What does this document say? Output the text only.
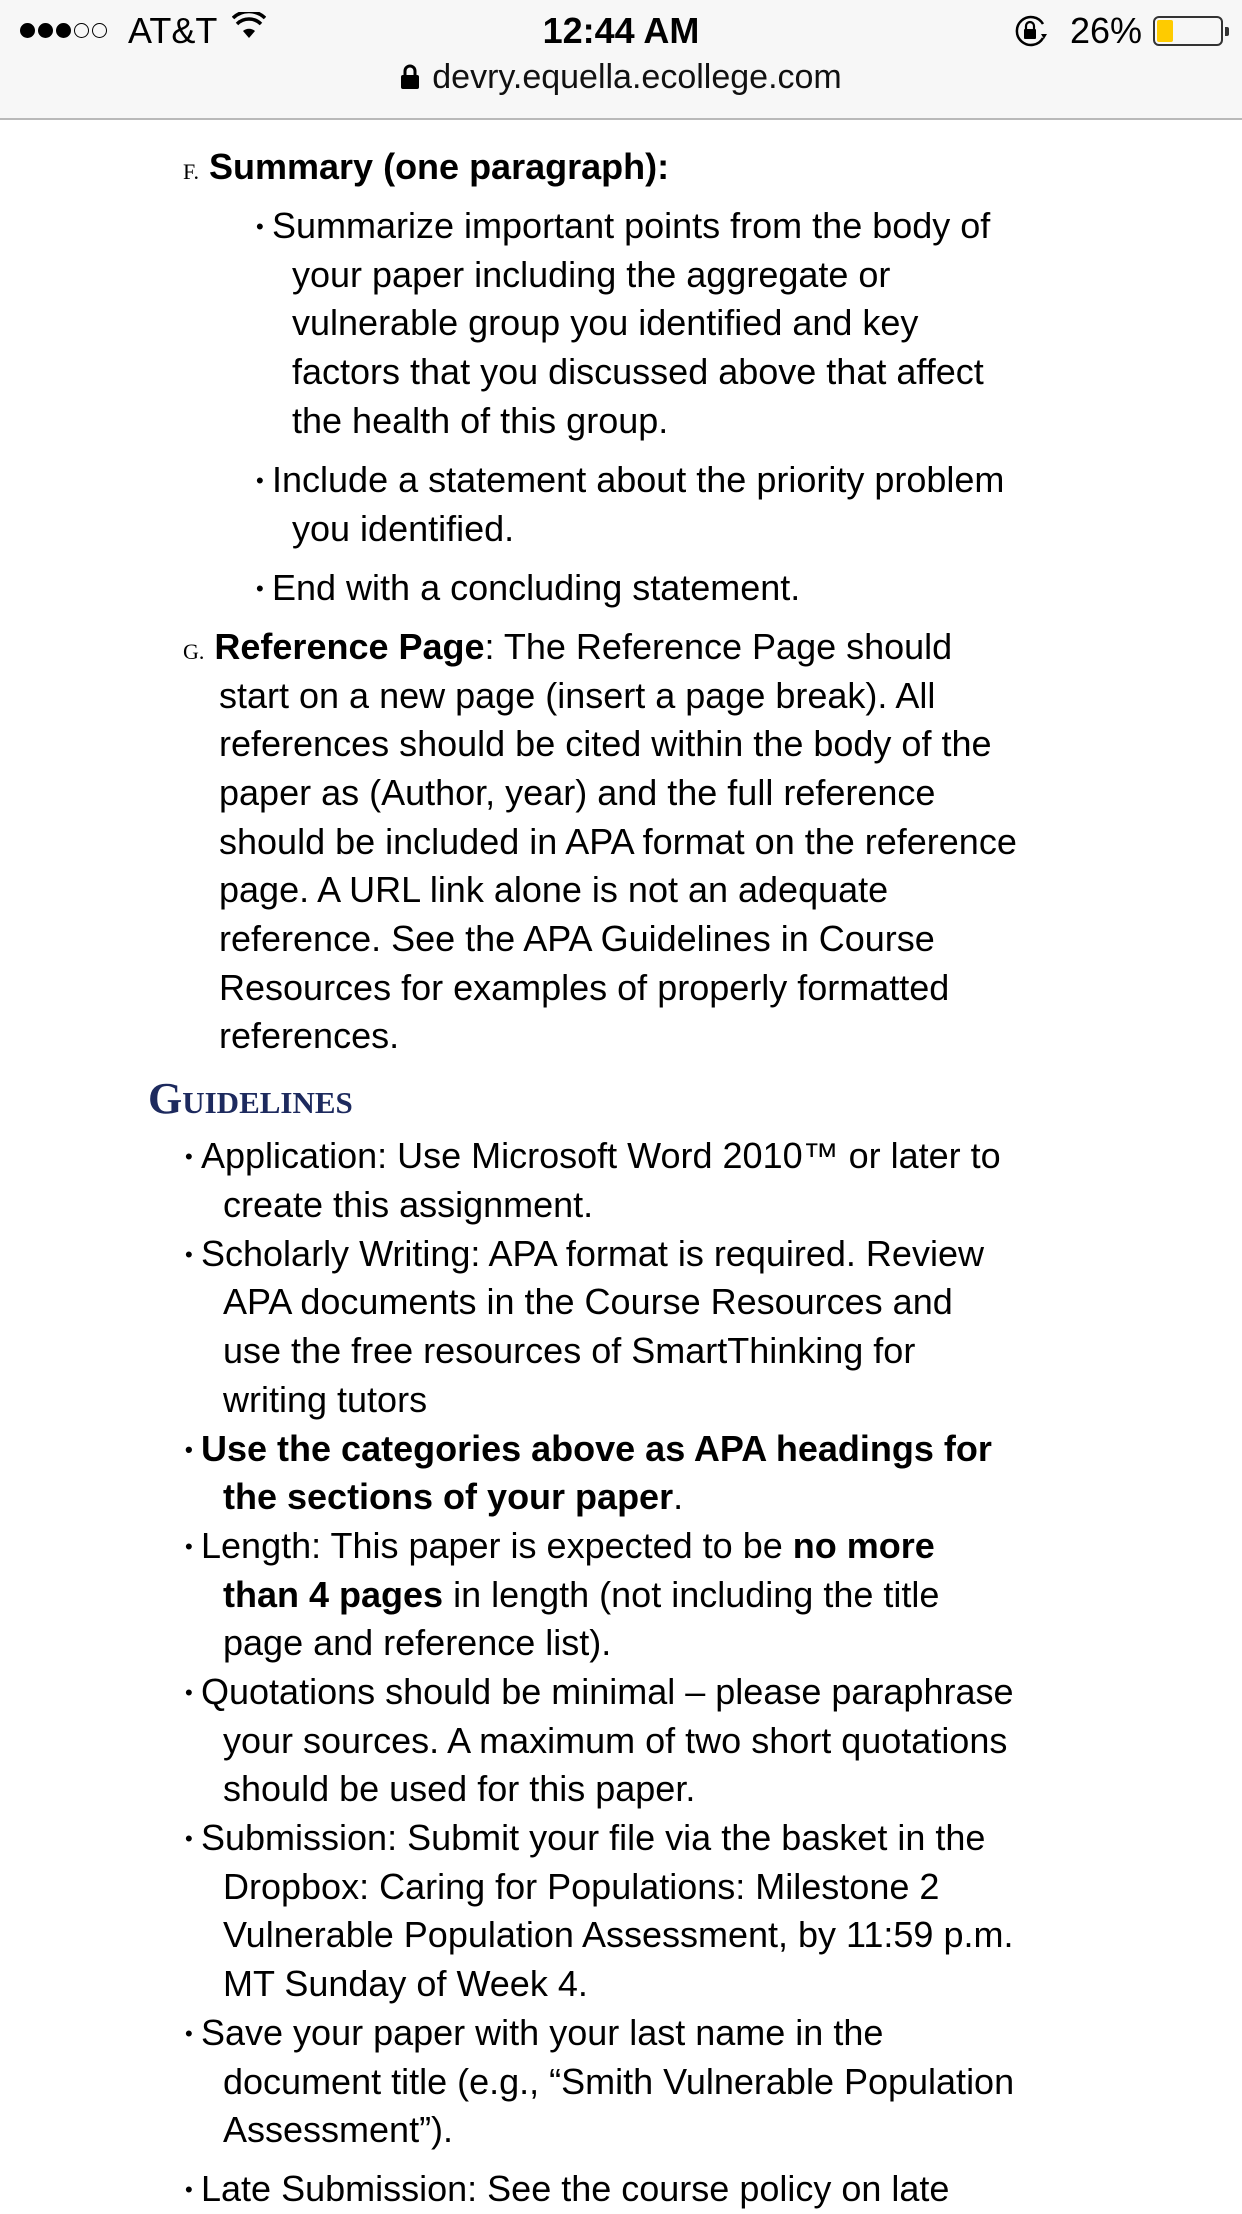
AT&T	12:44 AM	26%
devry.equella.ecollege.com
F. Summary (one paragraph):
• Summarize important points from the body of
your paper including the aggregate or
vulnerable group you identified and key
factors that you discussed above that affect
the health of this group.
• Include a statement about the priority problem
you identified.
• End with a concluding statement.
G. Reference Page: The Reference Page should
start on a new page (insert a page break). All
references should be cited within the body of the
paper as (Author, year) and the full reference
should be included in APA format on the reference
page. A URL link alone is not an adequate
reference. See the APA Guidelines in Course
Resources for examples of properly formatted
references.
Guidelines
• Application: Use Microsoft Word 2010™ or later to
create this assignment.
• Scholarly Writing: APA format is required. Review
APA documents in the Course Resources and
use the free resources of SmartThinking for
writing tutors
• Use the categories above as APA headings for
the sections of your paper.
• Length: This paper is expected to be no more
than 4 pages in length (not including the title
page and reference list).
• Quotations should be minimal – please paraphrase
your sources. A maximum of two short quotations
should be used for this paper.
• Submission: Submit your file via the basket in the
Dropbox: Caring for Populations: Milestone 2
Vulnerable Population Assessment, by 11:59 p.m.
MT Sunday of Week 4.
• Save your paper with your last name in the
document title (e.g., “Smith Vulnerable Population
Assessment”).
• Late Submission: See the course policy on late
